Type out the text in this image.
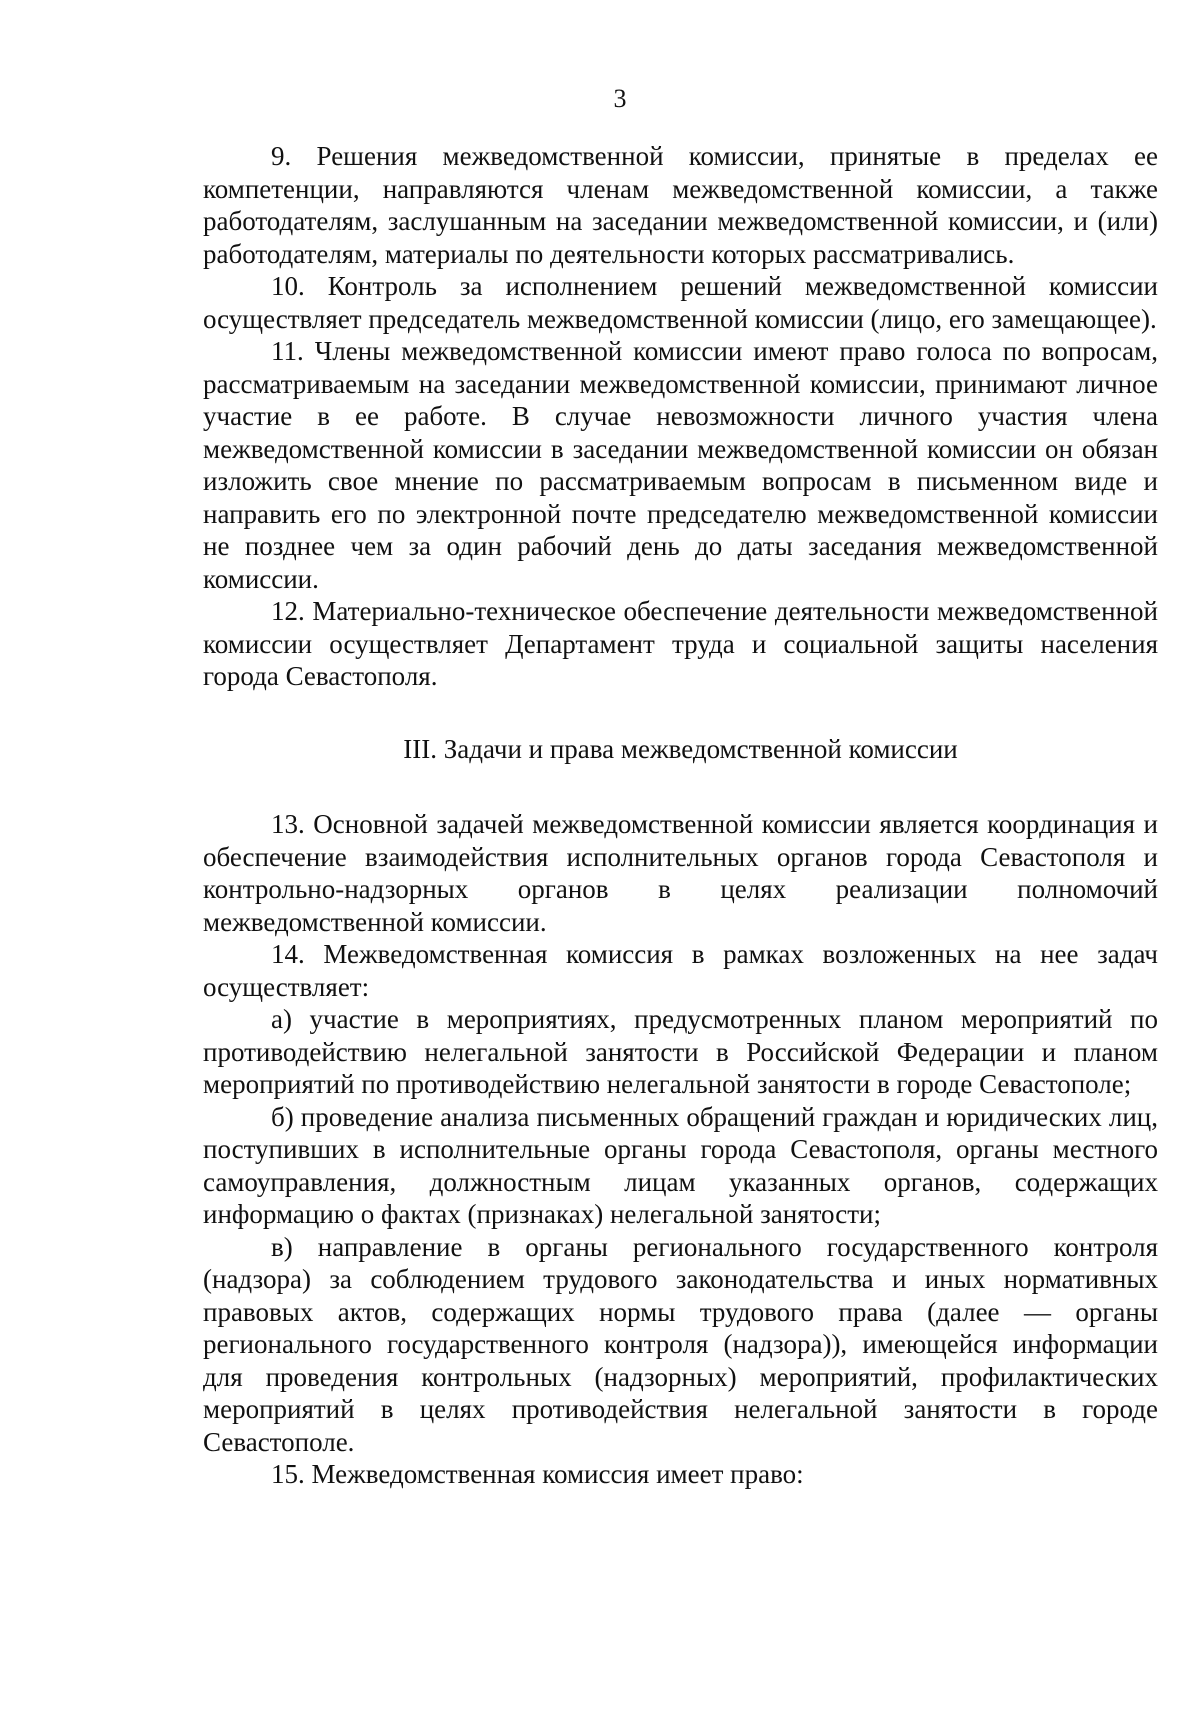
3

9. Решения межведомственной комиссии, принятые в пределах ее компетенции, направляются членам межведомственной комиссии, а также работодателям, заслушанным на заседании межведомственной комиссии, и (или) работодателям, материалы по деятельности которых рассматривались.

10. Контроль за исполнением решений межведомственной комиссии осуществляет председатель межведомственной комиссии (лицо, его замещающее).

11. Члены межведомственной комиссии имеют право голоса по вопросам, рассматриваемым на заседании межведомственной комиссии, принимают личное участие в ее работе. В случае невозможности личного участия члена межведомственной комиссии в заседании межведомственной комиссии он обязан изложить свое мнение по рассматриваемым вопросам в письменном виде и направить его по электронной почте председателю межведомственной комиссии не позднее чем за один рабочий день до даты заседания межведомственной комиссии.

12. Материально-техническое обеспечение деятельности межведомственной комиссии осуществляет Департамент труда и социальной защиты населения города Севастополя.

III. Задачи и права межведомственной комиссии

13. Основной задачей межведомственной комиссии является координация и обеспечение взаимодействия исполнительных органов города Севастополя и контрольно-надзорных органов в целях реализации полномочий межведомственной комиссии.

14. Межведомственная комиссия в рамках возложенных на нее задач осуществляет:

а) участие в мероприятиях, предусмотренных планом мероприятий по противодействию нелегальной занятости в Российской Федерации и планом мероприятий по противодействию нелегальной занятости в городе Севастополе;

б) проведение анализа письменных обращений граждан и юридических лиц, поступивших в исполнительные органы города Севастополя, органы местного самоуправления, должностным лицам указанных органов, содержащих информацию о фактах (признаках) нелегальной занятости;

в) направление в органы регионального государственного контроля (надзора) за соблюдением трудового законодательства и иных нормативных правовых актов, содержащих нормы трудового права (далее — органы регионального государственного контроля (надзора)), имеющейся информации для проведения контрольных (надзорных) мероприятий, профилактических мероприятий в целях противодействия нелегальной занятости в городе Севастополе.

15. Межведомственная комиссия имеет право:
